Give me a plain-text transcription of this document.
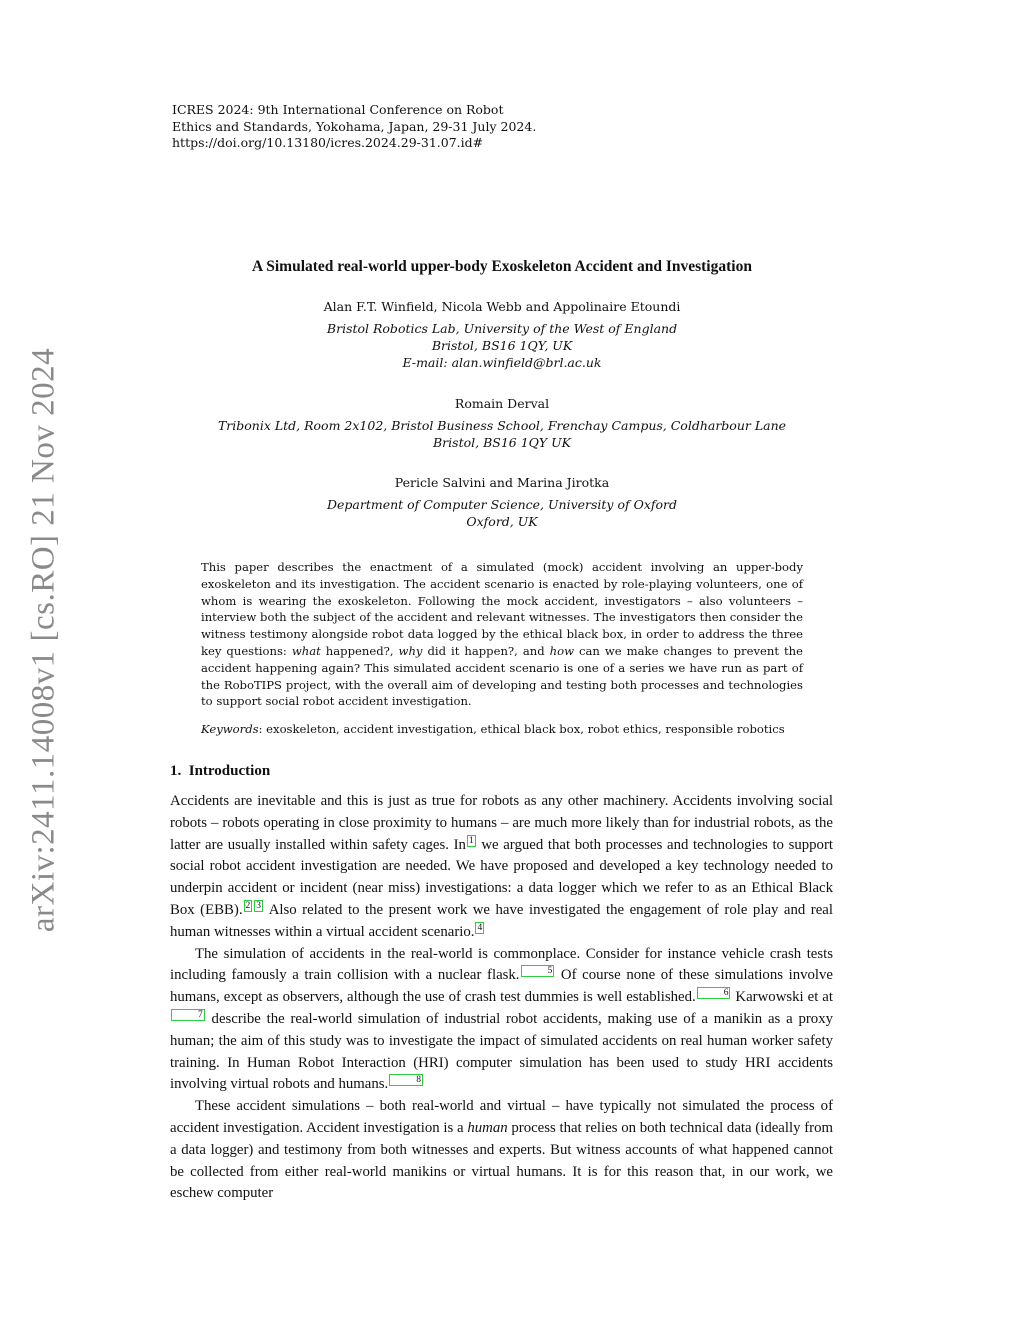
arXiv:2411.14008v1 [cs.RO] 21 Nov 2024
ICRES 2024: 9th International Conference on Robot
Ethics and Standards, Yokohama, Japan, 29-31 July 2024.
https://doi.org/10.13180/icres.2024.29-31.07.id#
A Simulated real-world upper-body Exoskeleton Accident and Investigation
Alan F.T. Winfield, Nicola Webb and Appolinaire Etoundi
Bristol Robotics Lab, University of the West of England
Bristol, BS16 1QY, UK
E-mail: alan.winfield@brl.ac.uk
Romain Derval
Tribonix Ltd, Room 2x102, Bristol Business School, Frenchay Campus, Coldharbour Lane
Bristol, BS16 1QY UK
Pericle Salvini and Marina Jirotka
Department of Computer Science, University of Oxford
Oxford, UK
This paper describes the enactment of a simulated (mock) accident involving an upper-body exoskeleton and its investigation. The accident scenario is enacted by role-playing volunteers, one of whom is wearing the exoskeleton. Following the mock accident, investigators – also volunteers – interview both the subject of the accident and relevant witnesses. The investigators then consider the witness testimony alongside robot data logged by the ethical black box, in order to address the three key questions: what happened?, why did it happen?, and how can we make changes to prevent the accident happening again? This simulated accident scenario is one of a series we have run as part of the RoboTIPS project, with the overall aim of developing and testing both processes and technologies to support social robot accident investigation.
Keywords: exoskeleton, accident investigation, ethical black box, robot ethics, responsible robotics
1. Introduction

Accidents are inevitable and this is just as true for robots as any other machinery. Accidents involving social robots – robots operating in close proximity to humans – are much more likely than for industrial robots, as the latter are usually installed within safety cages. In 1 we argued that both processes and technologies to support social robot accident investigation are needed. We have proposed and developed a key technology needed to underpin accident or incident (near miss) investigations: a data logger which we refer to as an Ethical Black Box (EBB). 2 3 Also related to the present work we have investigated the engagement of role play and real human witnesses within a virtual accident scenario. 4

The simulation of accidents in the real-world is commonplace. Consider for instance vehicle crash tests including famously a train collision with a nuclear flask.	5 Of course none of these simulations involve humans, except as observers, although the use of crash test dummies is well established.	6 Karwowski et at7 describe the real-world simulation of industrial robot accidents, making use of a manikin as a proxy human; the aim of this study was to investigate the impact of simulated accidents on real human worker safety training. In Human Robot Interaction (HRI) computer simulation has been used to study HRI accidents involving virtual robots and humans.	8

These accident simulations – both real-world and virtual – have typically not simulated the process of accident investigation. Accident investigation is a human process that relies on both technical data (ideally from a data logger) and testimony from both witnesses and experts. But witness accounts of what happened cannot be collected from either real-world manikins or virtual humans. It is for this reason that, in our work, we eschew computer
